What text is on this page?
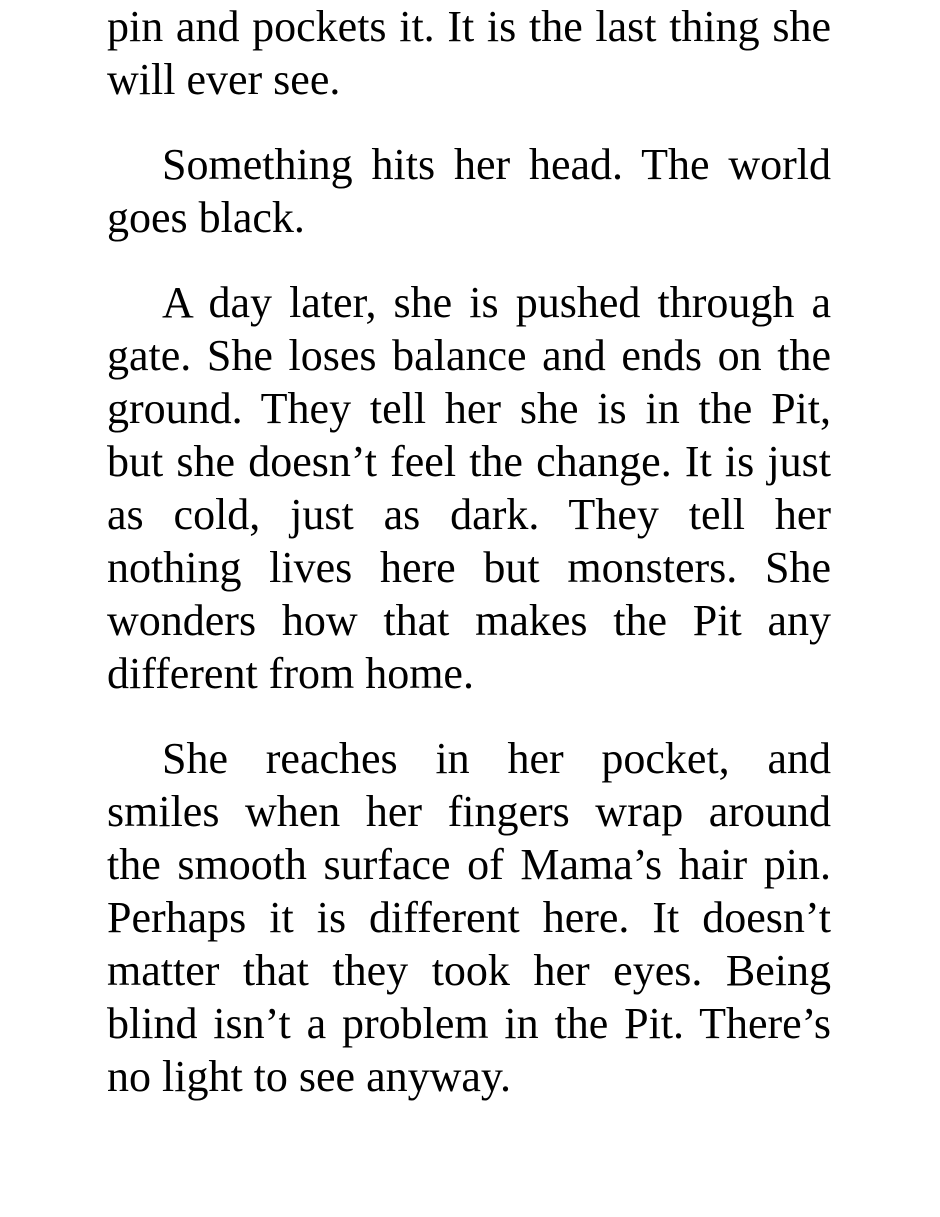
pin and pockets it. It is the last thing she
will ever see.
Something hits her head. The world
goes black.
A day later, she is pushed through a
gate. She loses balance and ends on the
ground. They tell her she is in the Pit,
but she doesn’t feel the change. It is just
as cold, just as dark. They tell her
nothing lives here but monsters. She
wonders how that makes the Pit any
different from home.
She reaches in her pocket, and
smiles when her fingers wrap around
the smooth surface of Mama’s hair pin.
Perhaps it is different here. It doesn’t
matter that they took her eyes. Being
blind isn’t a problem in the Pit. There’s
no light to see anyway.
